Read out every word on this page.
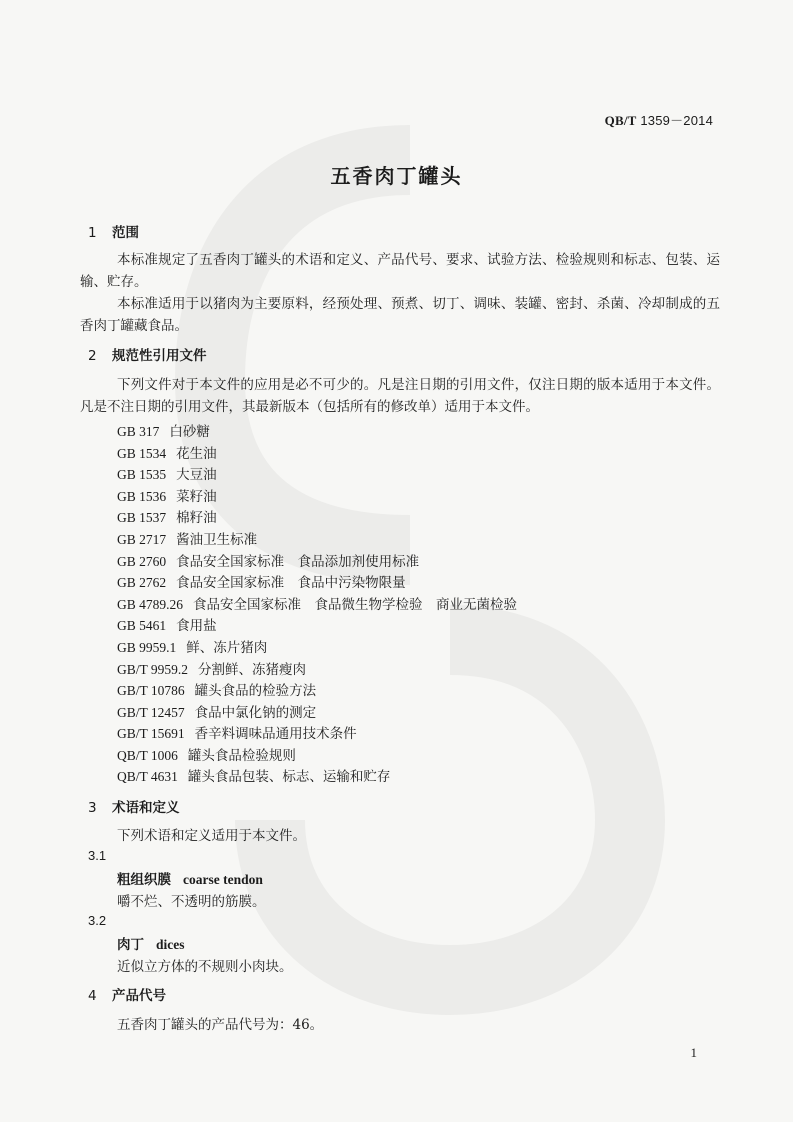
QB/T 1359－2014
五香肉丁罐头
1 范围
本标准规定了五香肉丁罐头的术语和定义、产品代号、要求、试验方法、检验规则和标志、包装、运输、贮存。
本标准适用于以猪肉为主要原料，经预处理、预煮、切丁、调味、装罐、密封、杀菌、冷却制成的五香肉丁罐藏食品。
2 规范性引用文件
下列文件对于本文件的应用是必不可少的。凡是注日期的引用文件，仅注日期的版本适用于本文件。凡是不注日期的引用文件，其最新版本（包括所有的修改单）适用于本文件。
GB 317 白砂糖
GB 1534 花生油
GB 1535 大豆油
GB 1536 菜籽油
GB 1537 棉籽油
GB 2717 酱油卫生标准
GB 2760 食品安全国家标准　食品添加剂使用标准
GB 2762 食品安全国家标准　食品中污染物限量
GB 4789.26 食品安全国家标准　食品微生物学检验　商业无菌检验
GB 5461 食用盐
GB 9959.1 鲜、冻片猪肉
GB/T 9959.2 分割鲜、冻猪瘦肉
GB/T 10786 罐头食品的检验方法
GB/T 12457 食品中氯化钠的测定
GB/T 15691 香辛料调味品通用技术条件
QB/T 1006 罐头食品检验规则
QB/T 4631 罐头食品包装、标志、运输和贮存
3 术语和定义
下列术语和定义适用于本文件。
3.1
粗组织膜 coarse tendon
嚼不烂、不透明的筋膜。
3.2
肉丁 dices
近似立方体的不规则小肉块。
4 产品代号
五香肉丁罐头的产品代号为：46。
1
